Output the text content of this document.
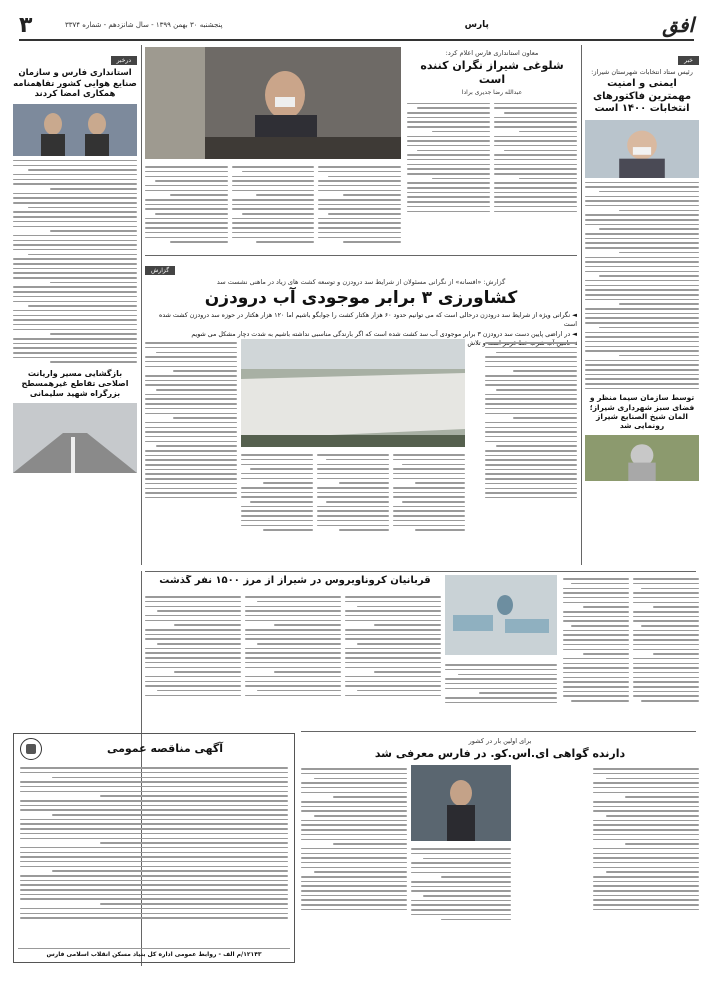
۳	پنجشنبه ۳۰ بهمن ۱۳۹۹ - سال شانزدهم - شماره ۳۳۷۴	پارس	افق
خبر
رئیس ستاد انتخابات شهرستان شیراز:
ایمنی و امنیت مهمترین فاکتورهای انتخابات ۱۴۰۰ است
توسط سازمان سیما منظر و فضای سبز شهرداری شیراز؛ المان شیخ الصنایع شیراز رونمایی شد
معاون استانداری فارس اعلام کرد:
شلوغی شیراز نگران کننده است
عبدالله رضا جدیری برادا
درخبر
استانداری فارس و سازمان صنایع هوایی کشور تفاهمنامه همکاری امضا کردند
بازگشایی مسیر واریانت اصلاحی تقاطع غیرهمسطح بزرگراه شهید سلیمانی
گزارش
گزارش: «افسانه» از نگرانی مسئولان از شرایط سد درودزن و توسعه کشت های زیاد در ماهنی نشست سد
کشاورزی ۳ برابر موجودی آب درودزن
◄ نگرانی ویژه از شرایط سد درودزن درحالی است که می توانیم حدود ۶۰ هزار هکتار کشت را جوابگو باشیم اما ۱۲۰ هزار هکتار در حوزه سد درودزن کشت شده است
◄ در اراضی پایین دست سد درودزن ۳ برابر موجودی آب سد کشت شده است که اگر بارندگی مناسبی نداشته باشیم به شدت دچار مشکل می شویم
تلاش
قربانیان کروناویروس در شیراز از مرز ۱۵۰۰ نفر گذشت
برای اولین بار در کشور
دارنده گواهی ای.اس.کو. در فارس معرفی شد
آگهی مناقصه عمومی
۱۲۱۴۳/م الف - روابط عمومی اداره کل بنیاد مسکن انقلاب اسلامی فارس
